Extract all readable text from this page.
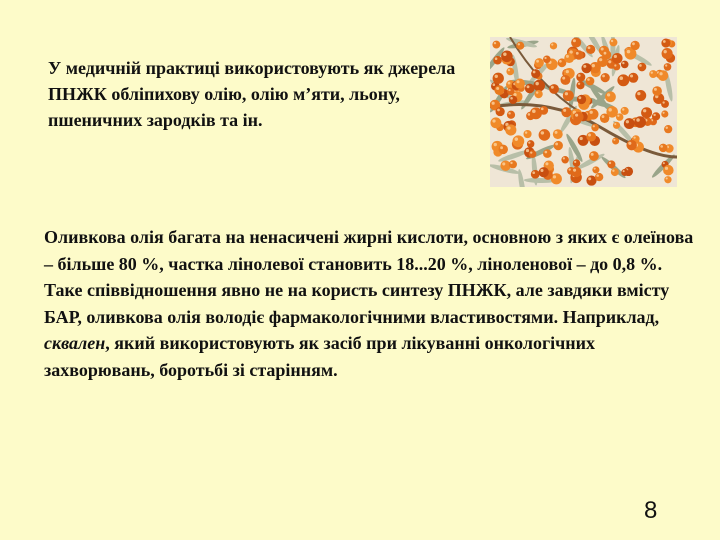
У медичній практиці використовують як джерела ПНЖК обліпихову олію, олію м’яти, льону, пшеничних зародків та ін.
Оливкова олія багата на ненасичені жирні кислоти, основною з яких є олеїнова – більше 80 %, частка лінолевої становить 18...20 %, ліноленової – до 0,8 %. Таке співвідношення явно не на користь синтезу ПНЖК, але завдяки вмісту БАР, оливкова олія володіє фармакологічними властивостями. Наприклад, сквален, який використовують як засіб при лікуванні онкологічних захворювань, боротьбі зі старінням.
8
